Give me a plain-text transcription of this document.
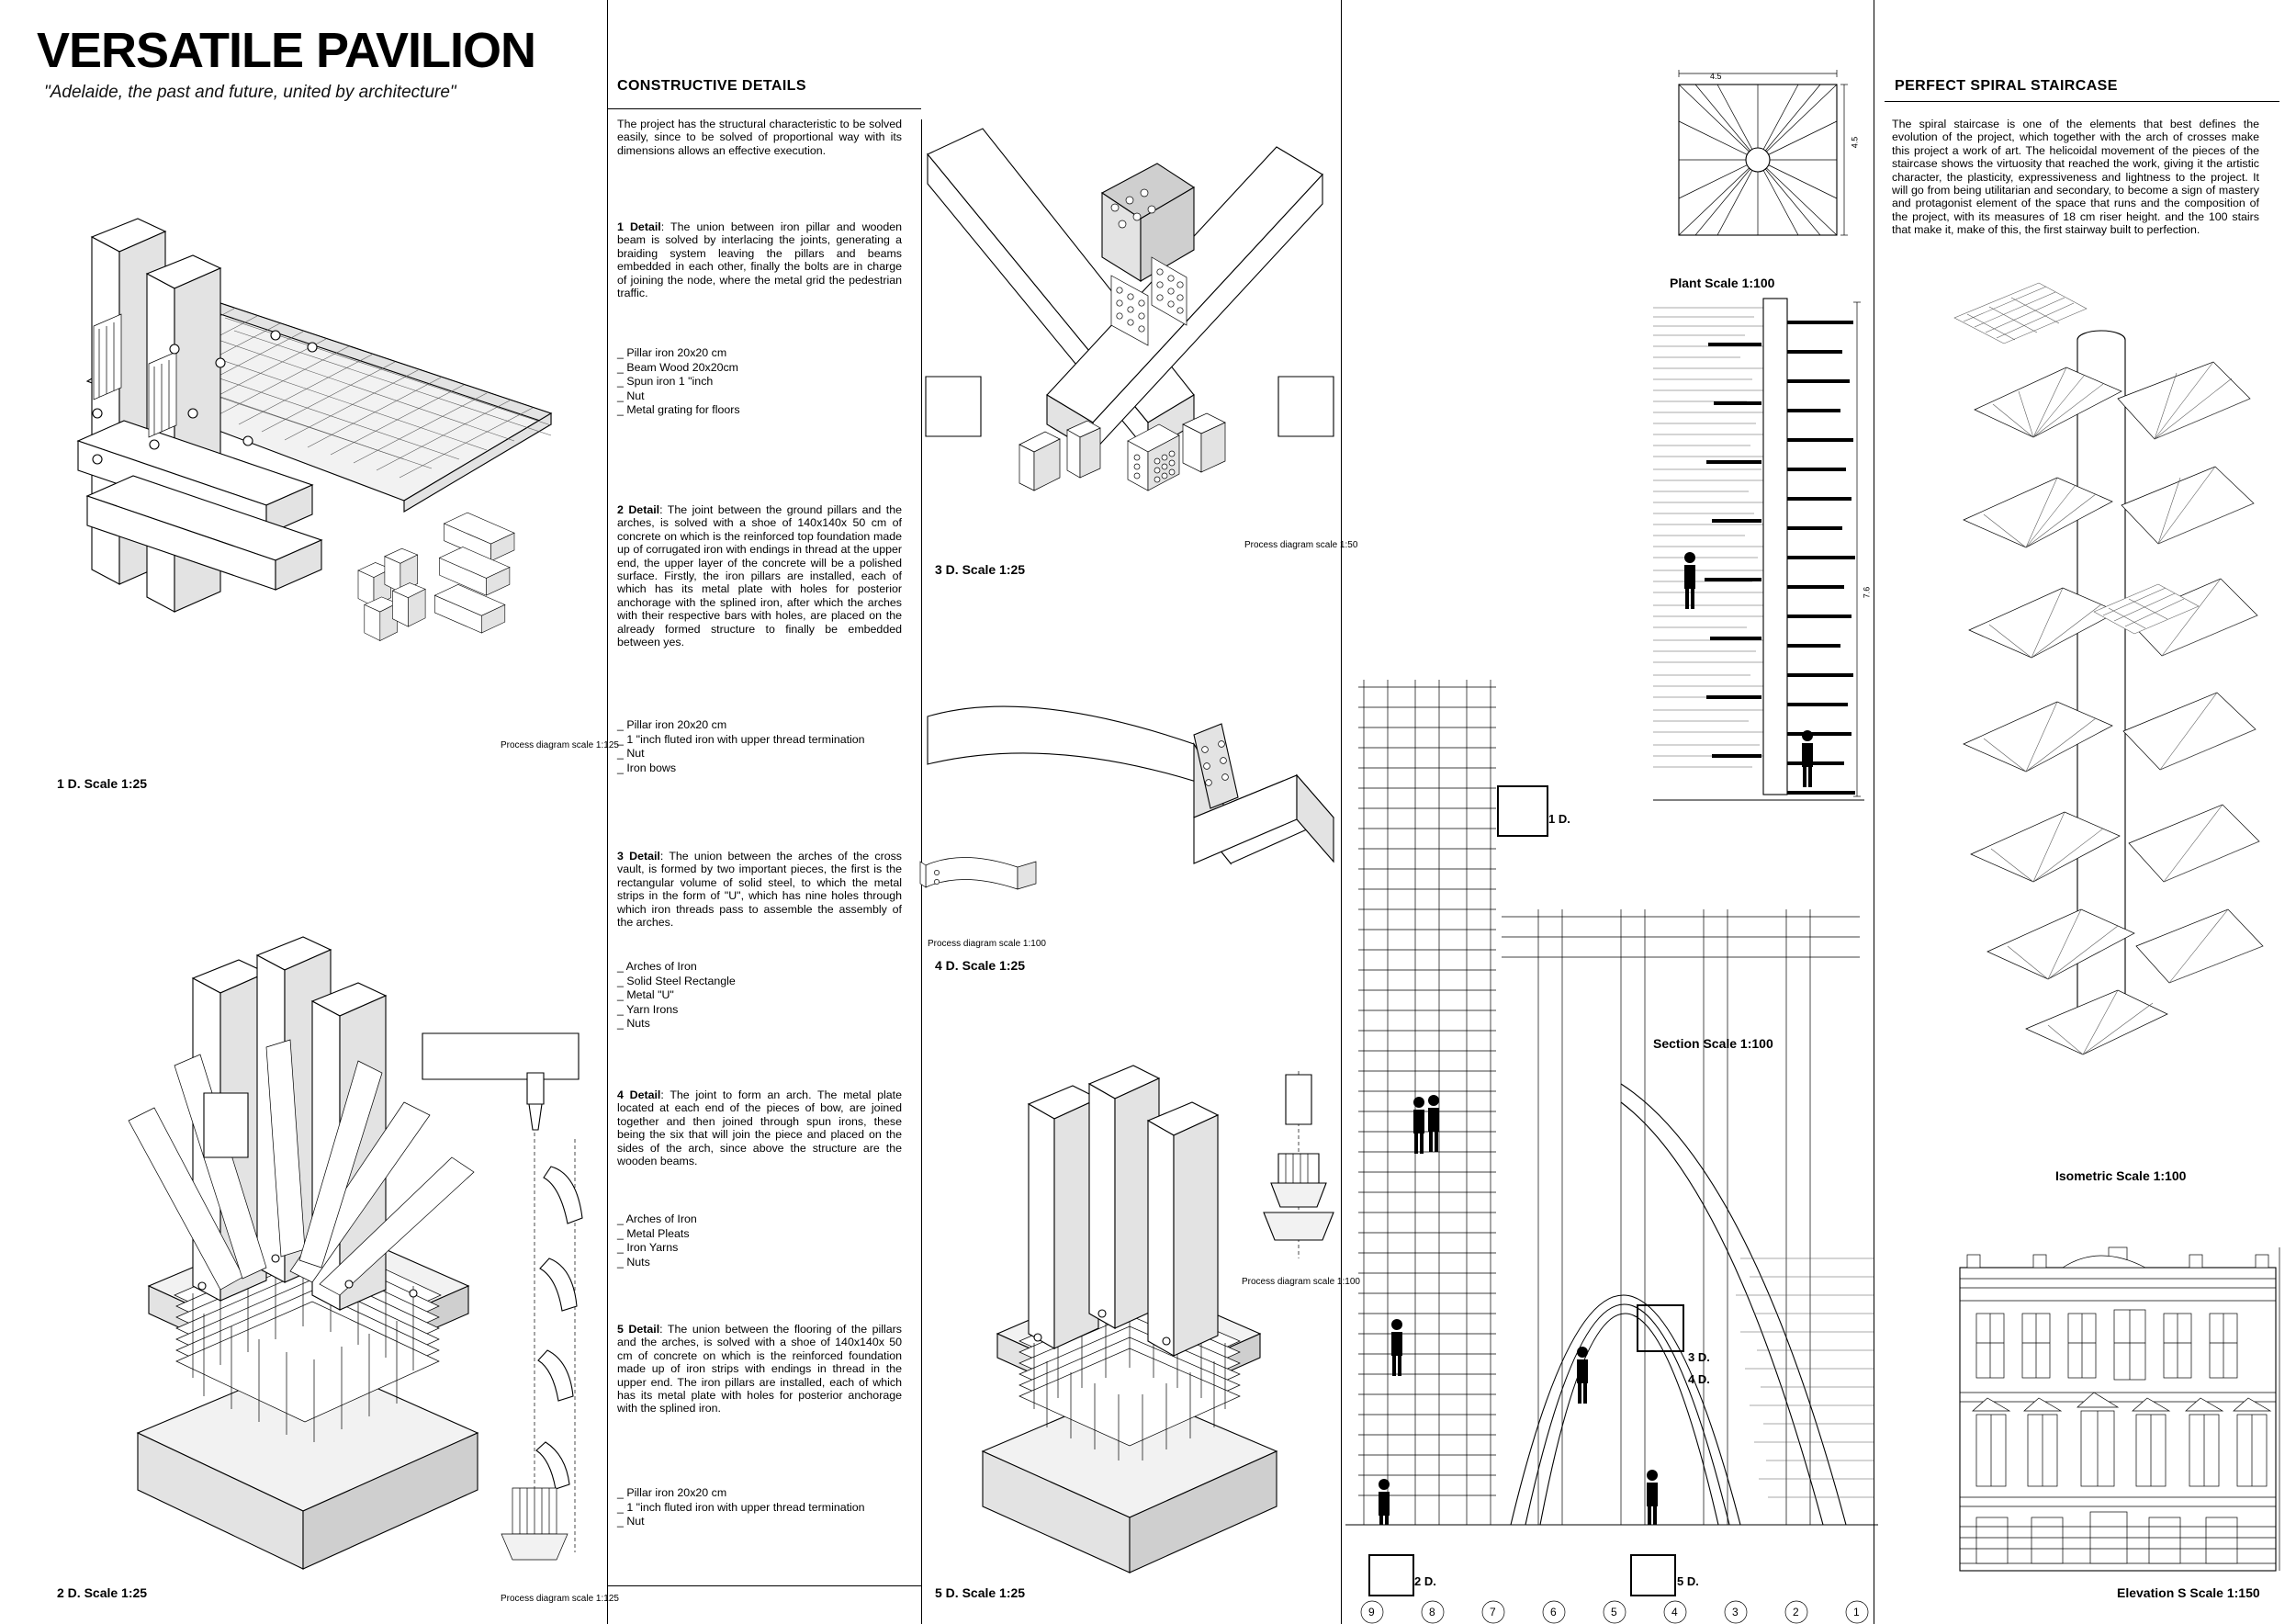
VERSATILE PAVILION
"Adelaide, the past and future, united by architecture"	CONSTRUCTIVE DETAILS
The project has the structural characteristic to be solved easily, since to be solved of proportional way with its dimensions allows an effective execution.
1 Detail: The union between iron pillar and wooden beam is solved by interlacing the joints, generating a braiding system leaving the pillars and beams embedded in each other, finally the bolts are in charge of joining the node, where the metal grid the pedestrian traffic.
_ Pillar iron 20x20 cm
_ Beam Wood 20x20cm
_ Spun iron 1 "inch
_ Nut
_ Metal grating for floors
2 Detail: The joint between the ground pillars and the arches, is solved with a shoe of 140x140x 50 cm of concrete on which is the reinforced top foundation made up of corrugated iron with endings in thread at the upper end, the upper layer of the concrete will be a polished surface. Firstly, the iron pillars are installed, each of which has its metal plate with holes for posterior anchorage with the splined iron, after which the arches with their respective bars with holes, are placed on the already formed structure to finally be embedded between yes.
_ Pillar iron 20x20 cm
_ 1 "inch fluted iron with upper thread termination
_ Nut
_ Iron bows
3 Detail: The union between the arches of the cross vault, is formed by two important pieces, the first is the rectangular volume of solid steel, to which the metal strips in the form of "U", which has nine holes through which iron threads pass to assemble the assembly of the arches.
_ Arches of Iron
_ Solid Steel Rectangle
_ Metal "U"
_ Yarn Irons
_ Nuts
4 Detail: The joint to form an arch. The metal plate located at each end of the pieces of bow, are joined together and then joined through spun irons, these being the six that will join the piece and placed on the sides of the arch, since above the structure are the wooden beams.
_ Arches of Iron
_ Metal Pleats
_ Iron Yarns
_ Nuts
5 Detail: The union between the flooring of the pillars and the arches, is solved with a shoe of 140x140x 50 cm of concrete on which is the reinforced foundation made up of iron strips with endings in thread in the upper end. The iron pillars are installed, each of which has its metal plate with holes for posterior anchorage with the splined iron.
_ Pillar iron 20x20 cm
_ 1 "inch fluted iron with upper thread termination
_ Nut
PERFECT SPIRAL STAIRCASE
The spiral staircase is one of the elements that best defines the evolution of the project, which together with the arch of crosses make this project a work of art. The helicoidal movement of the pieces of the staircase shows the virtuosity that reached the work, giving it the artistic character, the plasticity, expressiveness and lightness to the project. It will go from being utilitarian and secondary, to become a sign of mastery and protagonist element of the space that runs and the composition of the project, with its measures of 18 cm riser height. and the 100 stairs that make it, make of this, the first stairway built to perfection.
Process diagram scale 1:125
1 D. Scale 1:25
2 D. Scale 1:25	Process diagram scale 1:125
Process diagram scale 1:50
3 D. Scale 1:25
Process diagram scale 1:100
4 D. Scale 1:25
5 D. Scale 1:25
Process diagram scale 1:100
4.5
4.5
Plant Scale 1:100
7.6
Section Scale 1:100
1 D.
3 D.
4 D.
2 D.	5 D.
9	8	7	6	5	4	3	2	1
Isometric Scale 1:100
Elevation S Scale 1:150
